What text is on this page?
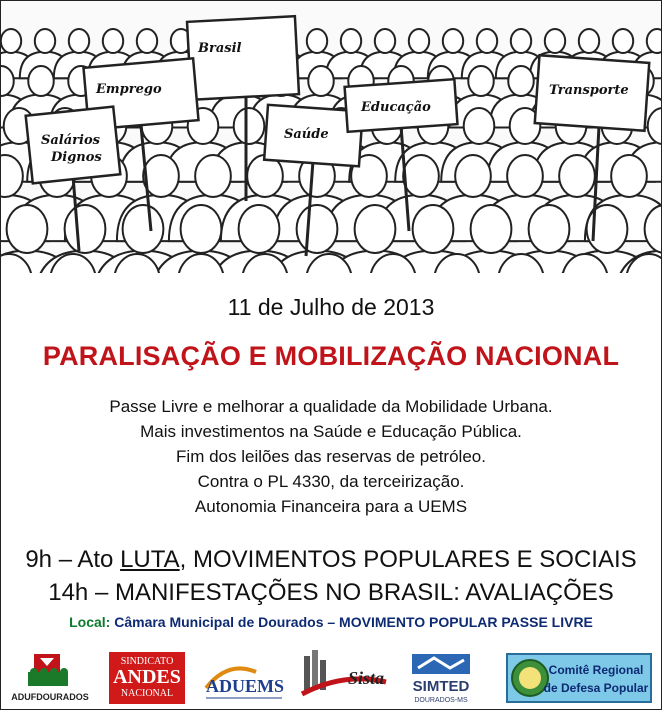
Brasil
Emprego
Salários Dignos
Saúde
Educação
Transporte
11 de Julho de 2013
PARALISAÇÃO E MOBILIZAÇÃO NACIONAL
Passe Livre e melhorar a qualidade da Mobilidade Urbana.
Mais investimentos na Saúde e Educação Pública.
Fim dos leilões das reservas de petróleo.
Contra o PL 4330, da terceirização.
Autonomia Financeira para a UEMS
9h – Ato LUTA, MOVIMENTOS POPULARES E SOCIAIS
14h – MANIFESTAÇÕES NO BRASIL: AVALIAÇÕES
Local: Câmara Municipal de Dourados – MOVIMENTO POPULAR PASSE LIVRE
ADUFDOURADOS
SINDICATO
ANDES
NACIONAL ADUEMS	Sista SIMTED
DOURADOS-MS
Comitê Regional
de Defesa Popular
